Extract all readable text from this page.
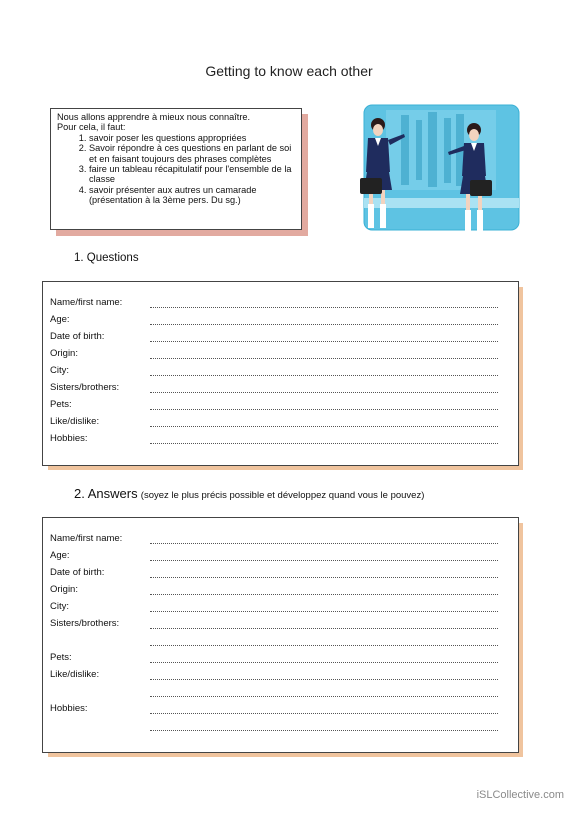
Getting to know each other

Nous allons apprendre à mieux nous connaître.

Pour cela, il faut:

1. savoir poser les questions appropriées
2. Savoir répondre à ces questions en parlant de soi et en faisant toujours des phrases complètes
3. faire un tableau récapitulatif pour l'ensemble de la classe
4. savoir présenter aux autres un camarade (présentation à la 3ème pers. Du sg.)
1. Questions
Name/first name:
Age:
Date of birth:
Origin:
City:
Sisters/brothers:
Pets:
Like/dislike:
Hobbies:
2. Answers (soyez le plus précis possible et développez quand vous le pouvez)
Name/first name:
Age:
Date of birth:
Origin:
City:
Sisters/brothers:
Pets:
Like/dislike:
Hobbies:
iSLCollective.com
